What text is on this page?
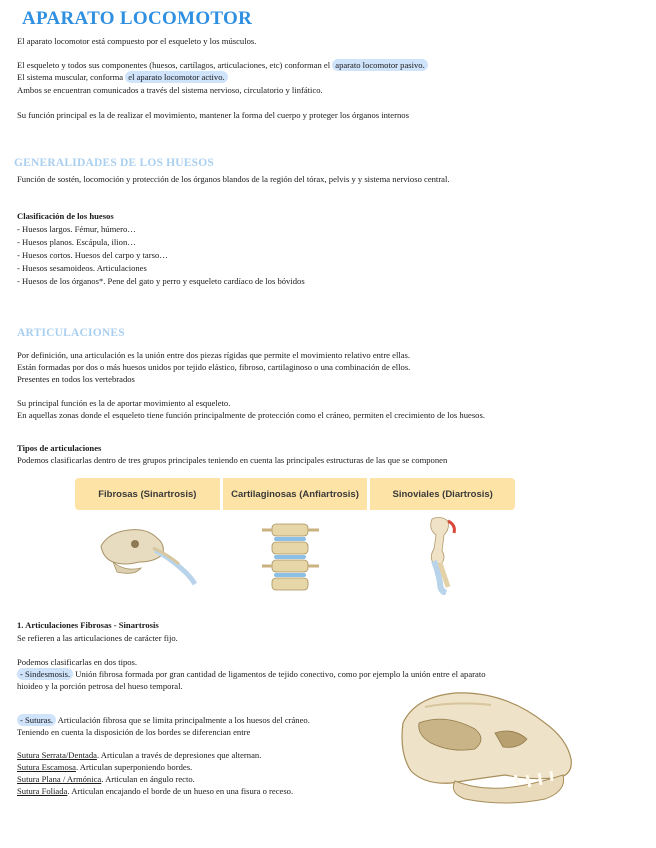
APARATO LOCOMOTOR
El aparato locomotor está compuesto por el esqueleto y los músculos.
El esqueleto y todos sus componentes (huesos, cartílagos, articulaciones, etc) conforman el aparato locomotor pasivo.
El sistema muscular, conforma el aparato locomotor activo.
Ambos se encuentran comunicados a través del sistema nervioso, circulatorio y linfático.
Su función principal es la de realizar el movimiento, mantener la forma del cuerpo y proteger los órganos internos
GENERALIDADES DE LOS HUESOS
Función de sostén, locomoción y protección de los órganos blandos de la región del tórax, pelvis y y sistema nervioso central.
Clasificación de los huesos
- Huesos largos. Fémur, húmero…
- Huesos planos. Escápula, ilion…
- Huesos cortos. Huesos del carpo y tarso…
- Huesos sesamoideos. Articulaciones
- Huesos de los órganos*. Pene del gato y perro y esqueleto cardíaco de los bóvidos
ARTICULACIONES
Por definición, una articulación es la unión entre dos piezas rígidas que permite el movimiento relativo entre ellas.
Están formadas por dos o más huesos unidos por tejido elástico, fibroso, cartilaginoso o una combinación de ellos.
Presentes en todos los vertebrados
Su principal función es la de aportar movimiento al esqueleto.
En aquellas zonas donde el esqueleto tiene función principalmente de protección como el cráneo, permiten el crecimiento de los huesos.
Tipos de articulaciones
Podemos clasificarlas dentro de tres grupos principales teniendo en cuenta las principales estructuras de las que se componen
Fibrosas (Sinartrosis)	Cartilaginosas (Anfiartrosis)	Sinoviales (Diartrosis)
1. Articulaciones Fibrosas - Sinartrosis
Se refieren a las articulaciones de carácter fijo.
Podemos clasificarlas en dos tipos.
- Sindesmosis. Unión fibrosa formada por gran cantidad de ligamentos de tejido conectivo, como por ejemplo la unión entre el aparato
hioideo y la porción petrosa del hueso temporal.
- Suturas. Articulación fibrosa que se limita principalmente a los huesos del cráneo.
Teniendo en cuenta la disposición de los bordes se diferencian entre
Sutura Serrata/Dentada. Articulan a través de depresiones que alternan.
Sutura Escamosa. Articulan superponiendo bordes.
Sutura Plana / Armónica. Articulan en ángulo recto.
Sutura Foliada. Articulan encajando el borde de un hueso en una fisura o receso.
